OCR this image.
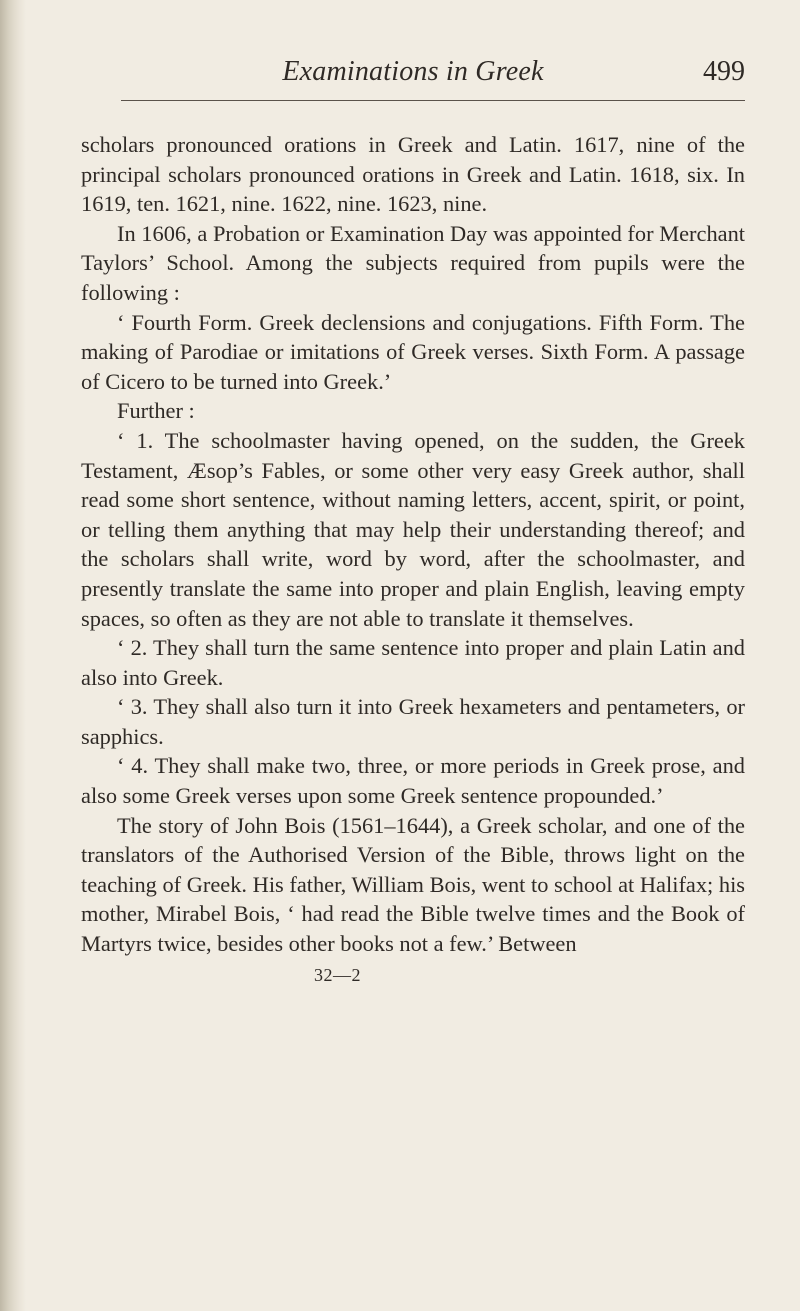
Examinations in Greek	499

scholars pronounced orations in Greek and Latin. 1617, nine of the principal scholars pronounced orations in Greek and Latin. 1618, six. In 1619, ten. 1621, nine. 1622, nine. 1623, nine.

In 1606, a Probation or Examination Day was appointed for Merchant Taylors’ School. Among the subjects required from pupils were the following :

‘ Fourth Form. Greek declensions and conjugations. Fifth Form. The making of Parodiae or imitations of Greek verses. Sixth Form. A passage of Cicero to be turned into Greek.’

Further :

‘ 1. The schoolmaster having opened, on the sudden, the Greek Testament, Æsop’s Fables, or some other very easy Greek author, shall read some short sentence, without naming letters, accent, spirit, or point, or telling them anything that may help their understanding thereof; and the scholars shall write, word by word, after the schoolmaster, and presently translate the same into proper and plain English, leaving empty spaces, so often as they are not able to translate it themselves.

‘ 2. They shall turn the same sentence into proper and plain Latin and also into Greek.

‘ 3. They shall also turn it into Greek hexameters and pentameters, or sapphics.

‘ 4. They shall make two, three, or more periods in Greek prose, and also some Greek verses upon some Greek sentence propounded.’

The story of John Bois (1561–1644), a Greek scholar, and one of the translators of the Authorised Version of the Bible, throws light on the teaching of Greek. His father, William Bois, went to school at Halifax; his mother, Mirabel Bois, ‘ had read the Bible twelve times and the Book of Martyrs twice, besides other books not a few.’ Between

32—2
